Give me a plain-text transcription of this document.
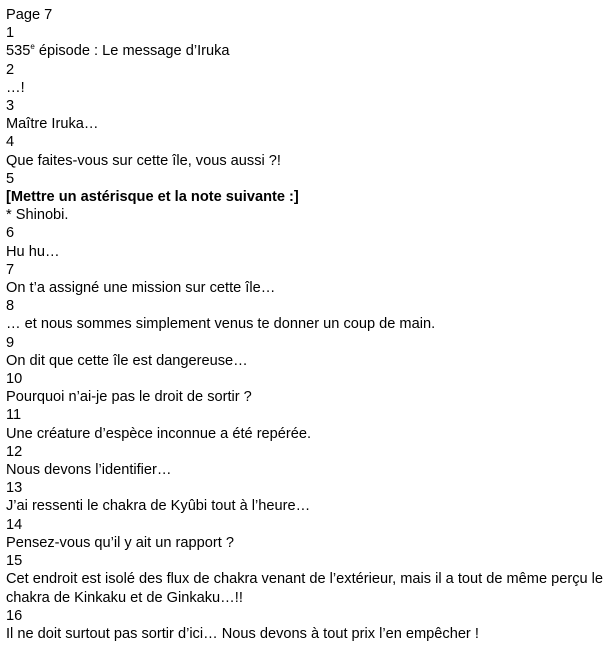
Page 7
1
535e épisode : Le message d’Iruka
2
…!
3
Maître Iruka…
4
Que faites-vous sur cette île, vous aussi ?!
5
[Mettre un astérisque et la note suivante :]
* Shinobi.
6
Hu hu…
7
On t’a assigné une mission sur cette île…
8
… et nous sommes simplement venus te donner un coup de main.
9
On dit que cette île est dangereuse…
10
Pourquoi n’ai-je pas le droit de sortir ?
11
Une créature d’espèce inconnue a été repérée.
12
Nous devons l’identifier…
13
J’ai ressenti le chakra de Kyûbi tout à l’heure…
14
Pensez-vous qu’il y ait un rapport ?
15
Cet endroit est isolé des flux de chakra venant de l’extérieur, mais il a tout de même perçu le chakra de Kinkaku et de Ginkaku…!!
16
Il ne doit surtout pas sortir d’ici… Nous devons à tout prix l’en empêcher !
